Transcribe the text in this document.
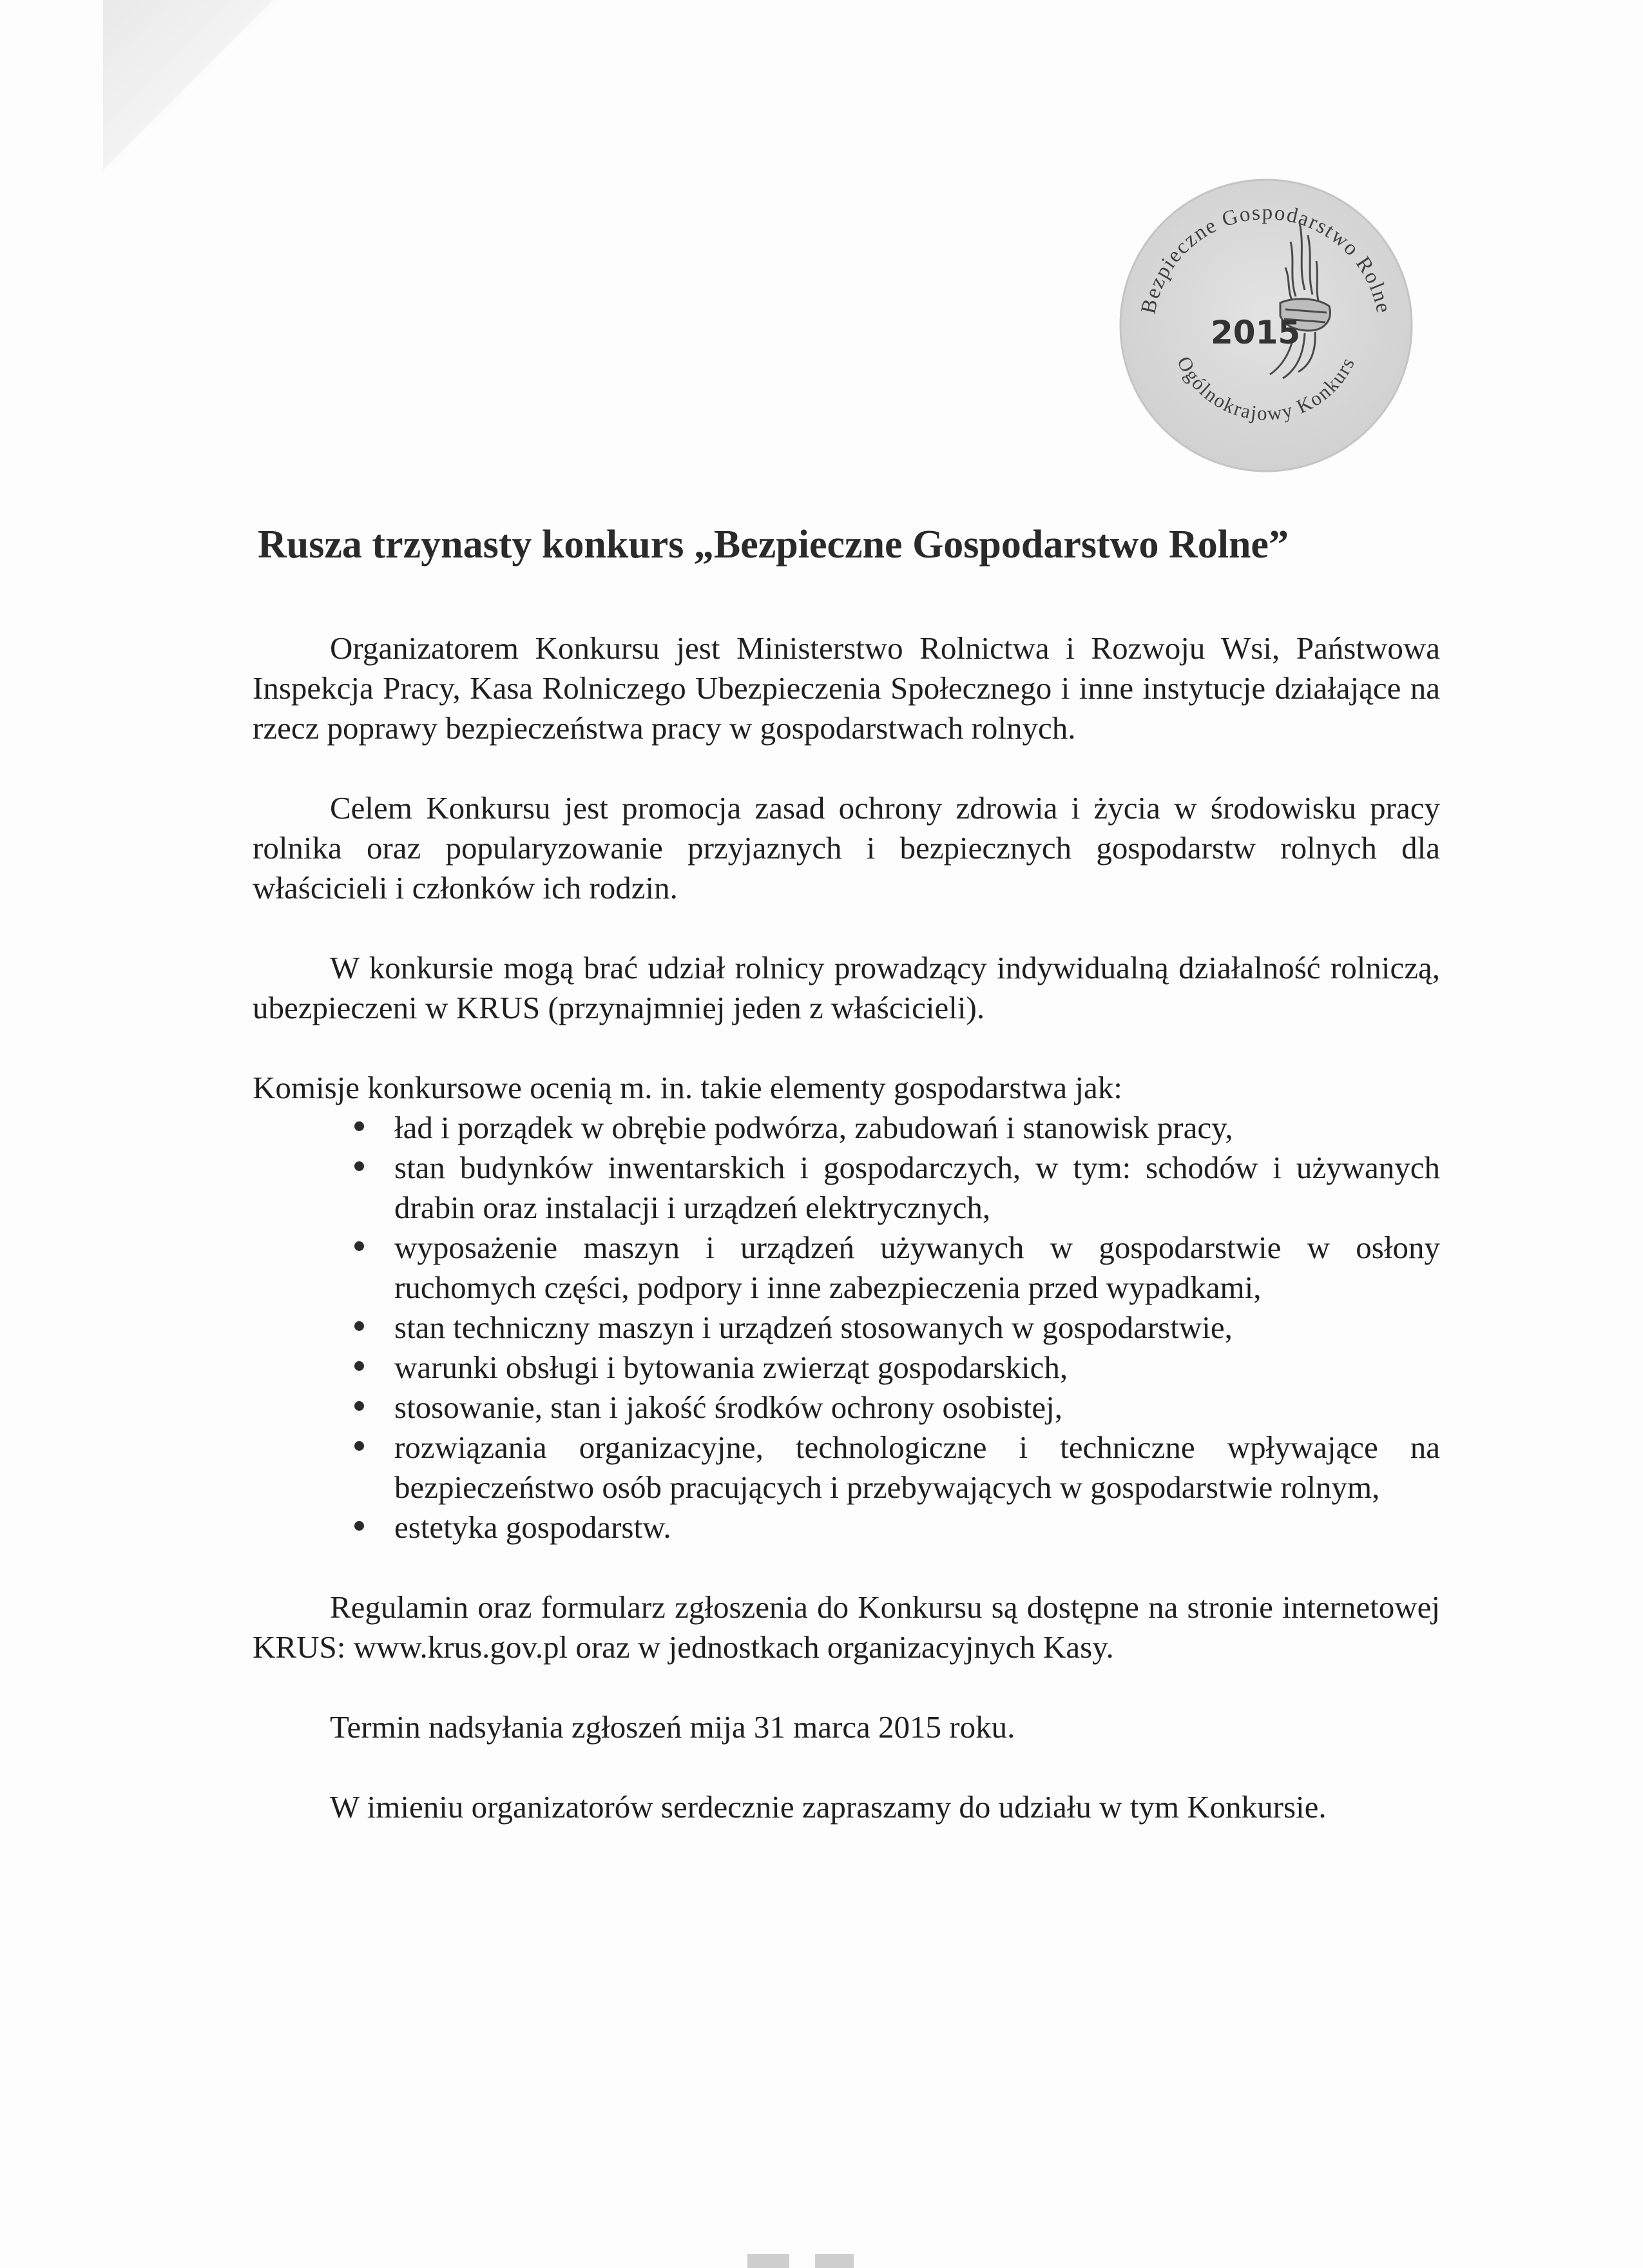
Bezpieczne Gospodarstwo Rolne
Ogólnokrajowy Konkurs
2015
Rusza trzynasty konkurs „Bezpieczne Gospodarstwo Rolne”

Organizatorem Konkursu jest Ministerstwo Rolnictwa i Rozwoju Wsi, Państwowa Inspekcja Pracy, Kasa Rolniczego Ubezpieczenia Społecznego i inne instytucje działające na rzecz poprawy bezpieczeństwa pracy w gospodarstwach rolnych.

Celem Konkursu jest promocja zasad ochrony zdrowia i życia w środowisku pracy rolnika oraz popularyzowanie przyjaznych i bezpiecznych gospodarstw rolnych dla właścicieli i członków ich rodzin.

W konkursie mogą brać udział rolnicy prowadzący indywidualną działalność rolniczą, ubezpieczeni w KRUS (przynajmniej jeden z właścicieli).

Komisje konkursowe ocenią m. in. takie elementy gospodarstwa jak:

ład i porządek w obrębie podwórza, zabudowań i stanowisk pracy,
stan budynków inwentarskich i gospodarczych, w tym: schodów i używanych drabin oraz instalacji i urządzeń elektrycznych,
wyposażenie maszyn i urządzeń używanych w gospodarstwie w osłony ruchomych części, podpory i inne zabezpieczenia przed wypadkami,
stan techniczny maszyn i urządzeń stosowanych w gospodarstwie,
warunki obsługi i bytowania zwierząt gospodarskich,
stosowanie, stan i jakość środków ochrony osobistej,
rozwiązania organizacyjne, technologiczne i techniczne wpływające na bezpieczeństwo osób pracujących i przebywających w gospodarstwie rolnym,
estetyka gospodarstw.

Regulamin oraz formularz zgłoszenia do Konkursu są dostępne na stronie internetowej KRUS: www.krus.gov.pl oraz w jednostkach organizacyjnych Kasy.

Termin nadsyłania zgłoszeń mija 31 marca 2015 roku.

W imieniu organizatorów serdecznie zapraszamy do udziału w tym Konkursie.
